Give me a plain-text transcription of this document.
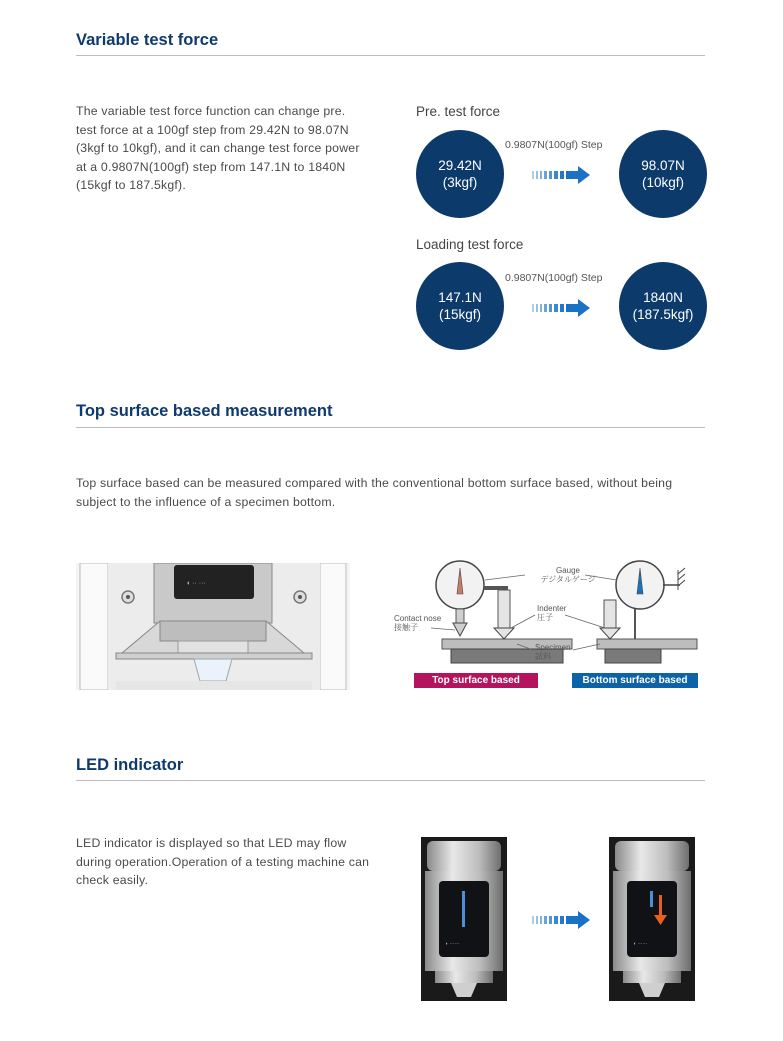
Variable test force
The variable test force function can change pre. test force at a 100gf step from 29.42N to 98.07N (3kgf to 10kgf), and it can change test force power at a 0.9807N(100gf) step from 147.1N to 1840N (15kgf to 187.5kgf).
Pre. test force
29.42N
(3kgf)
0.9807N(100gf) Step
98.07N
(10kgf)
Loading test force
147.1N
(15kgf)
0.9807N(100gf) Step
1840N
(187.5kgf)
Top surface based measurement
Top surface based can be measured compared with the conventional bottom surface based, without being subject to the influence of a specimen bottom.
◖ ·· ···
Gauge
デジタルゲージ
Contact nose
接触子
Indenter
圧子
Specimen
試料
Top surface based	Bottom surface based
LED indicator
LED indicator is displayed so that LED may flow during operation.Operation of a testing machine can check easily.
◖ ······	◖ ······
